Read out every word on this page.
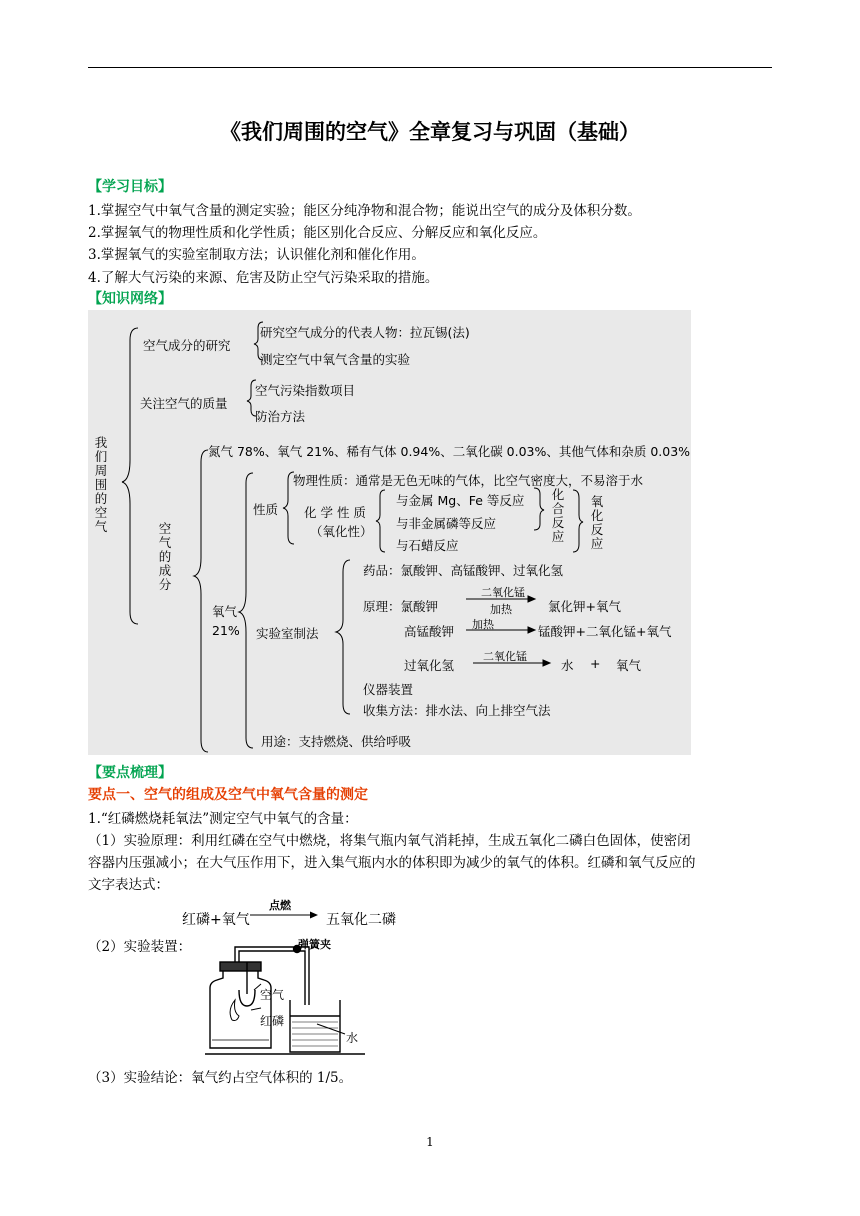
《我们周围的空气》全章复习与巩固（基础）
【学习目标】
1.掌握空气中氧气含量的测定实验；能区分纯净物和混合物；能说出空气的成分及体积分数。
2.掌握氧气的物理性质和化学性质；能区别化合反应、分解反应和氧化反应。
3.掌握氧气的实验室制取方法；认识催化剂和催化作用。
4.了解大气污染的来源、危害及防止空气污染采取的措施。
【知识网络】
我们周围的空气
空气成分的研究
研究空气成分的代表人物：拉瓦锡(法)
测定空气中氧气含量的实验
关注空气的质量
空气污染指数项目
防治方法
空气的成分
氮气 78%、氧气 21%、稀有气体 0.94%、二氧化碳 0.03%、其他气体和杂质 0.03%
氧气
21%
性质
物理性质：通常是无色无味的气体，比空气密度大，不易溶于水
化 学 性 质
（氧化性）
与金属 Mg、Fe 等反应
与非金属磷等反应
与石蜡反应
化合反应
氧化反应
实验室制法
药品：氯酸钾、高锰酸钾、过氧化氢
原理：氯酸钾
二氧化锰
加热	氯化钾+氧气
高锰酸钾 加热	锰酸钾+二氧化锰+氧气
过氧化氢
二氧化锰
水 + 氧气
仪器装置
收集方法：排水法、向上排空气法
用途：支持燃烧、供给呼吸
【要点梳理】
要点一、空气的组成及空气中氧气含量的测定
1.“红磷燃烧耗氧法”测定空气中氧气的含量：
（1）实验原理：利用红磷在空气中燃烧，将集气瓶内氧气消耗掉，生成五氧化二磷白色固体，使密闭
容器内压强减小；在大气压作用下，进入集气瓶内水的体积即为减少的氧气的体积。红磷和氧气反应的
文字表达式：
红磷+氧气
点燃
五氧化二磷
（2）实验装置：	弹簧夹
空气
红磷
水
（3）实验结论：氧气约占空气体积的 1/5。
1
